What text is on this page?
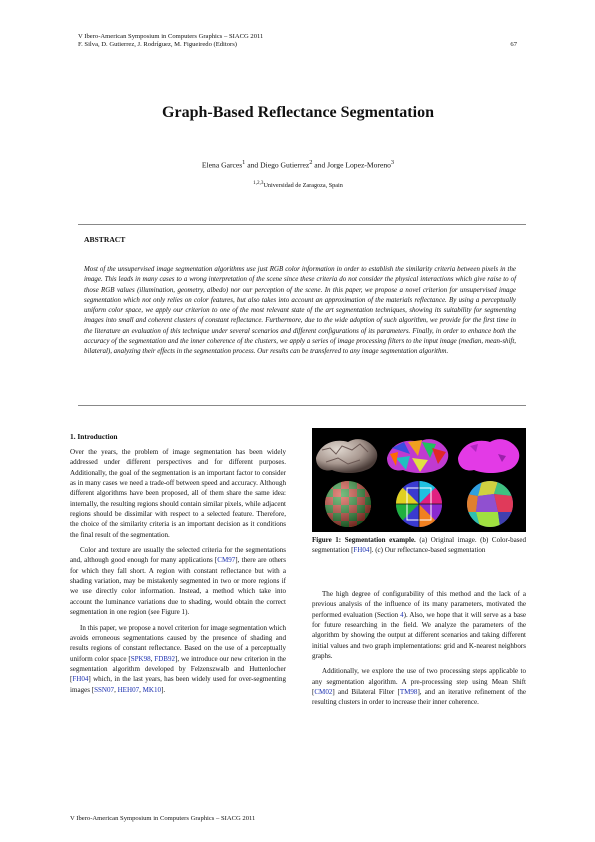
V Ibero-American Symposium in Computers Graphics – SIACG 2011
F. Silva, D. Gutierrez, J. Rodríguez, M. Figueiredo (Editors)	67
Graph-Based Reflectance Segmentation
Elena Garces$^1$ and Diego Gutierrez$^2$ and Jorge Lopez-Moreno$^3$
$^{1,2,3}$Universidad de Zaragoza, Spain
ABSTRACT
Most of the unsupervised image segmentation algorithms use just RGB color information in order to establish the similarity criteria between pixels in the image. This leads in many cases to a wrong interpretation of the scene since these criteria do not consider the physical interactions which give raise to of those RGB values (illumination, geometry, albedo) nor our perception of the scene. In this paper, we propose a novel criterion for unsupervised image segmentation which not only relies on color features, but also takes into account an approximation of the materials reflectance. By using a perceptually uniform color space, we apply our criterion to one of the most relevant state of the art segmentation techniques, showing its suitability for segmenting images into small and coherent clusters of constant reflectance. Furthermore, due to the wide adoption of such algorithm, we provide for the first time in the literature an evaluation of this technique under several scenarios and different configurations of its parameters. Finally, in order to enhance both the accuracy of the segmentation and the inner coherence of the clusters, we apply a series of image processing filters to the input image (median, mean-shift, bilateral), analyzing their effects in the segmentation process. Our results can be transferred to any image segmentation algorithm.
1. Introduction

Over the years, the problem of image segmentation has been widely addressed under different perspectives and for different purposes. Additionally, the goal of the segmentation is an important factor to consider as in many cases we need a trade-off between speed and accuracy. Although different algorithms have been proposed, all of them share the same idea: internally, the resulting regions should contain similar pixels, while adjacent regions should be dissimilar with respect to a selected feature. Therefore, the choice of the similarity criteria is an important decision as it conditions the final result of the segmentation.

Color and texture are usually the selected criteria for the segmentations and, although good enough for many applications [CM97], there are others for which they fall short. A region with constant reflectance but with a shading variation, may be mistakenly segmented in two or more regions if we use directly color information. Instead, a method which take into account the luminance variations due to shading, would obtain the correct segmentation in one region (see Figure 1).

In this paper, we propose a novel criterion for image segmentation which avoids erroneous segmentations caused by the presence of shading and results regions of constant reflectance. Based on the use of a perceptually uniform color space [SPK98, FDB92], we introduce our new criterion in the segmentation algorithm developed by Felzenszwalb and Huttenlocher [FH04] which, in the last years, has been widely used for over-segmenting images [SSN07, HEH07, MK10].

Figure 1: Segmentation example. (a) Original image. (b) Color-based segmentation [FH04]. (c) Our reflectance-based segmentation

The high degree of configurability of this method and the lack of a previous analysis of the influence of its many parameters, motivated the performed evaluation (Section 4). Also, we hope that it will serve as a base for future researching in the field. We analyze the parameters of the algorithm by showing the output at different scenarios and taking different initial values and two graph implementations: grid and K-nearest neighbors graphs.

Additionally, we explore the use of two processing steps applicable to any segmentation algorithm. A pre-processing step using Mean Shift [CM02] and Bilateral Filter [TM98], and an iterative refinement of the resulting clusters in order to increase their inner coherence.

V Ibero-American Symposium in Computers Graphics – SIACG 2011
